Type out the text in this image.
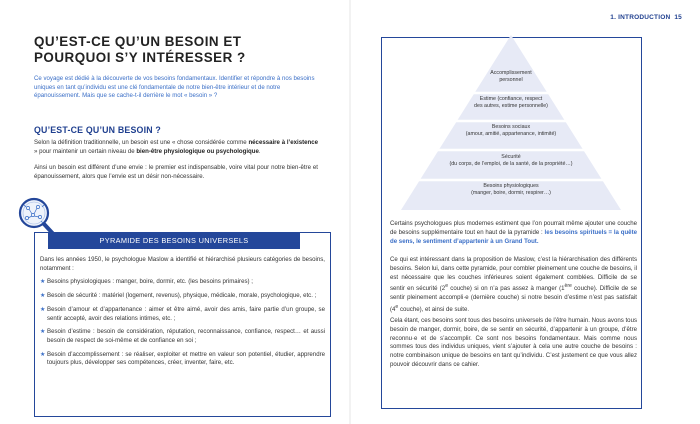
1. INTRODUCTION 15
QU’EST-CE QU’UN BESOIN ET POURQUOI S’Y INTÉRESSER ?
Ce voyage est dédié à la découverte de vos besoins fondamentaux. Identifier et répondre à nos besoins uniques en tant qu’individu est une clé fondamentale de notre bien-être intérieur et de notre épanouissement. Mais que se cache-t-il derrière le mot « besoin » ?
QU’EST-CE QU’UN BESOIN ?
Selon la définition traditionnelle, un besoin est une « chose considérée comme nécessaire à l’existence » pour maintenir un certain niveau de bien-être physiologique ou psychologique.
Ainsi un besoin est différent d’une envie : le premier est indispensable, voire vital pour notre bien-être et épanouissement, alors que l’envie est un désir non-nécessaire.
PYRAMIDE DES BESOINS UNIVERSELS
Dans les années 1950, le psychologue Maslow a identifié et hiérarchisé plusieurs catégories de besoins, notamment :
★ Besoins physiologiques : manger, boire, dormir, etc. (les besoins primaires) ;
★ Besoin de sécurité : matériel (logement, revenus), physique, médicale, morale, psychologique, etc. ;
★ Besoin d’amour et d’appartenance : aimer et être aimé, avoir des amis, faire partie d’un groupe, se sentir accepté, avoir des relations intimes, etc. ;
★ Besoin d’estime : besoin de considération, réputation, reconnaissance, confiance, respect… et aussi besoin de respect de soi-même et de confiance en soi ;
★ Besoin d’accomplissement : se réaliser, exploiter et mettre en valeur son potentiel, étudier, apprendre toujours plus, développer ses compétences, créer, inventer, faire, etc.
Accomplissement
personnel
Estime (confiance, respect
des autres, estime personnelle)
Besoins sociaux
(amour, amitié, appartenance, intimité)
Sécurité
(du corps, de l’emploi, de la santé, de la propriété…)
Besoins physiologiques
(manger, boire, dormir, respirer…)
Certains psychologues plus modernes estiment que l’on pourrait même ajouter une couche de besoins supplémentaire tout en haut de la pyramide : les besoins spirituels = la quête de sens, le sentiment d’appartenir à un Grand Tout.
Ce qui est intéressant dans la proposition de Maslow, c’est la hiérarchisation des différents besoins. Selon lui, dans cette pyramide, pour combler pleinement une couche de besoins, il est nécessaire que les couches inférieures soient également comblées. Difficile de se sentir en sécurité (2e couche) si on n’a pas assez à manger (1ère couche). Difficile de se sentir pleinement accompli·e (dernière couche) si notre besoin d’estime n’est pas satisfait (4e couche), et ainsi de suite.
Cela étant, ces besoins sont tous des besoins universels de l’être humain. Nous avons tous besoin de manger, dormir, boire, de se sentir en sécurité, d’appartenir à un groupe, d’être reconnu·e et de s’accomplir. Ce sont nos besoins fondamentaux. Mais comme nous sommes tous des individus uniques, vient s’ajouter à cela une autre couche de besoins : notre combinaison unique de besoins en tant qu’individu. C’est justement ce que vous allez pouvoir découvrir dans ce cahier.
